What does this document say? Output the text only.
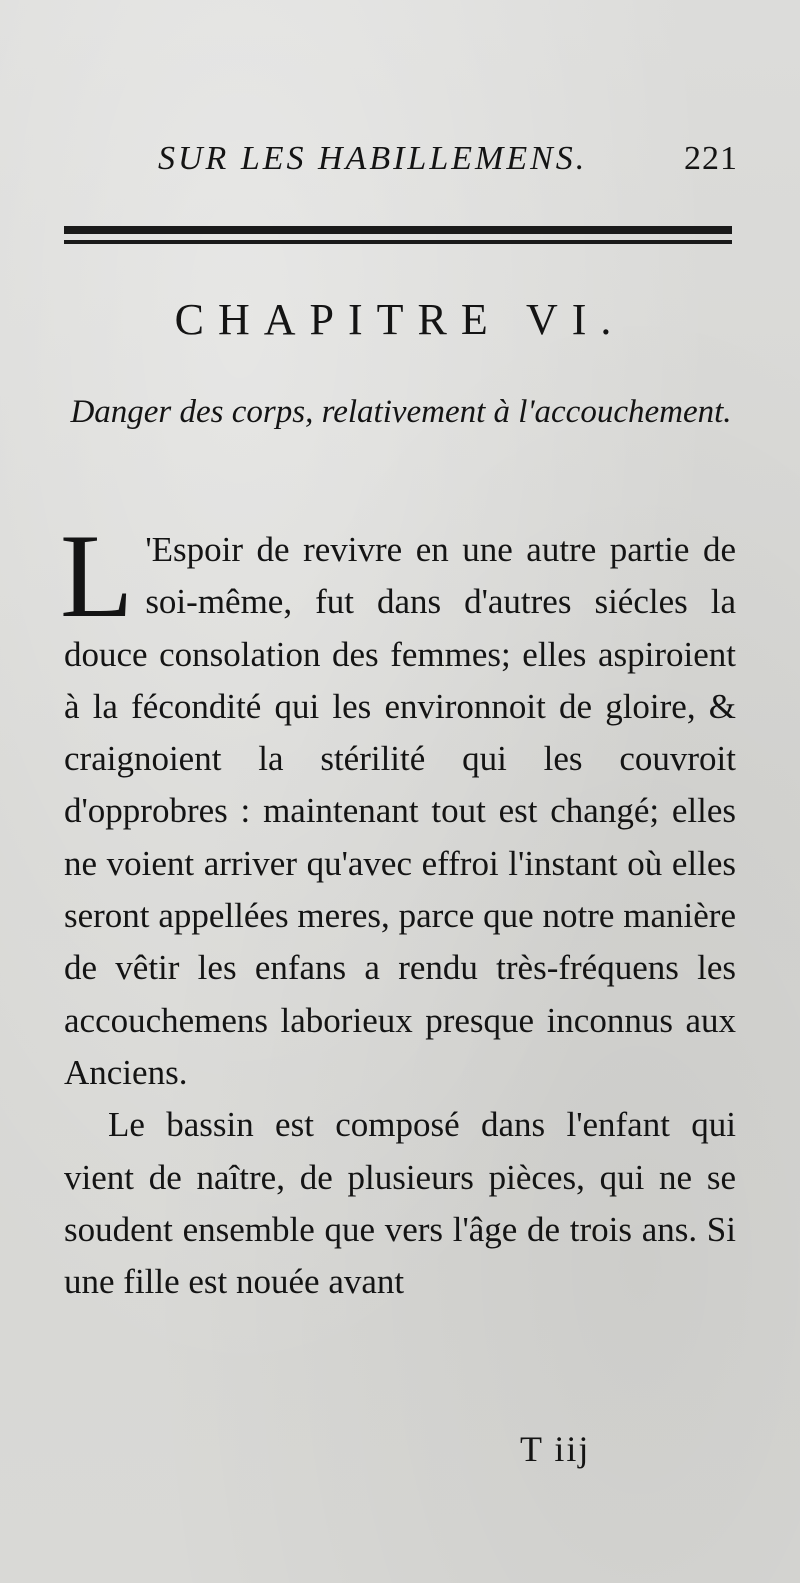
SUR LES HABILLEMENS.	221
CHAPITRE VI.
Danger des corps, relativement à l'accouchement.

L 'Espoir de revivre en une autre partie de soi-même, fut dans d'autres siécles la douce consolation des femmes; elles aspiroient à la fécondité qui les environnoit de gloire, & craignoient la stérilité qui les couvroit d'opprobres : maintenant tout est changé; elles ne voient arriver qu'avec effroi l'instant où elles seront appellées meres, parce que notre manière de vêtir les enfans a rendu très-fréquens les accouchemens laborieux presque inconnus aux Anciens.

Le bassin est composé dans l'enfant qui vient de naître, de plusieurs pièces, qui ne se soudent ensemble que vers l'âge de trois ans. Si une fille est nouée avant

T iij
